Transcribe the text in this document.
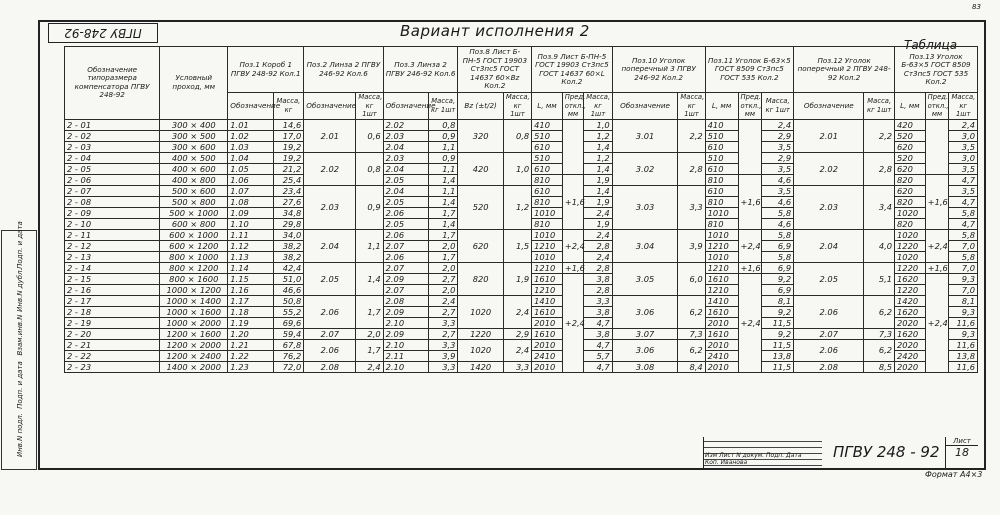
83
ПГВУ 248-92	Вариант исполнения 2
Таблица
Инв.N подл.
Подп. и дата
Взам.инв.N
Инв.N дубл.
Подп. и дата
Обозначение типоразмера компенсатора ПГВУ 248-92	Условный проход, мм	Поз.1 Короб 1 ПГВУ 248-92 Кол.1		Поз.2 Линза 2 ПГВУ 246-92 Кол.6		Поз.3 Линза 2 ПГВУ 246-92 Кол.6		Поз.8 Лист Б-ПН-5 ГОСТ 19903 Ст3пс5 ГОСТ 14637 60×Bz Кол.2		Поз.9 Лист Б-ПН-5 ГОСТ 19903 Ст3пс5 ГОСТ 14637 60×L Кол.2			Поз.10 Уголок поперечный 3 ПГВУ 246-92 Кол.2		Поз.11 Уголок Б-63×5 ГОСТ 8509 Ст3пс5 ГОСТ 535 Кол.2			Поз.12 Уголок поперечный 2 ПГВУ 248-92 Кол.2		Поз.13 Уголок Б-63×5 ГОСТ 8509 Ст3пс5 ГОСТ 535 Кол.2		
		Обозначение	Масса, кг	Обозначение	Масса, кг 1шт	Обозначение	Масса, кг 1шт	Bz (±t/2)	Масса, кг 1шт	L, мм	Пред. откл., мм	Масса, кг 1шт	Обозначение	Масса, кг 1шт	L, мм	Пред. откл., мм	Масса, кг 1шт	Обозначение	Масса, кг 1шт	L, мм	Пред. откл., мм	Масса, кг 1шт
2 - 01	300 × 400	1.01	14,6	2.01	0,6	2.02	0,8	320	0,8	410		1,0	3.01	2,2	410		2,4	2.01	2,2	420		2,4
2 - 02	300 × 500	1.02	17,0			2.03	0,9			510		1,2			510		2,9			520		3,0
2 - 03	300 × 600	1.03	19,2			2.04	1,1			610		1,4			610		3,5			620		3,5
2 - 04	400 × 500	1.04	19,2	2.02	0,8	2.03	0,9	420	1,0	510		1,2	3.02	2,8	510		2,9	2.02	2,8	520		3,0
2 - 05	400 × 600	1.05	21,2			2.04	1,1			610		1,4			610		3,5			620		3,5
2 - 06	400 × 800	1.06	25,4			2.05	1,4			810	+1,6	1,9			810	+1,6	4,6			820	+1,6	4,7
2 - 07	500 × 600	1.07	23,4	2.03	0,9	2.04	1,1	520	1,2	610		1,4	3.03	3,3	610		3,5	2.03	3,4	620		3,5
2 - 08	500 × 800	1.08	27,6			2.05	1,4			810		1,9			810		4,6			820		4,7
2 - 09	500 × 1000	1.09	34,8			2.06	1,7			1010		2,4			1010		5,8			1020		5,8
2 - 10	600 × 800	1.10	29,8			2.05	1,4			810		1,9			810		4,6			820		4,7
2 - 11	600 × 1000	1.11	34,0	2.04	1,1	2.06	1,7	620	1,5	1010	+2,4	2,4	3.04	3,9	1010	+2,4	5,8	2.04	4,0	1020	+2,4	5,8
2 - 12	600 × 1200	1.12	38,2			2.07	2,0			1210		2,8			1210		6,9			1220		7,0
2 - 13	800 × 1000	1.13	38,2			2.06	1,7			1010		2,4			1010		5,8			1020		5,8
2 - 14	800 × 1200	1.14	42,4	2.05	1,4	2.07	2,0	820	1,9	1210	+1,6	2,8	3.05	6,0	1210	+1,6	6,9	2.05	5,1	1220	+1,6	7,0
2 - 15	800 × 1600	1.15	51,0			2.09	2,7			1610	+2,4	3,8			1610	+2,4	9,2			1620	+2,4	9,3
2 - 16	1000 × 1200	1.16	46,6			2.07	2,0			1210		2,8			1210		6,9			1220		7,0
2 - 17	1000 × 1400	1.17	50,8	2.06	1,7	2.08	2,4	1020	2,4	1410		3,3	3.06	6,2	1410		8,1	2.06	6,2	1420		8,1
2 - 18	1000 × 1600	1.18	55,2			2.09	2,7			1610		3,8			1610		9,2			1620		9,3
2 - 19	1000 × 2000	1.19	69,6			2.10	3,3			2010		4,7			2010		11,5			2020		11,6
2 - 20	1200 × 1600	1.20	59,4	2.07	2,0	2.09	2,7	1220	2,9	1610		3,8	3.07	7,3	1610		9,2	2.07	7,3	1620		9,3
2 - 21	1200 × 2000	1.21	67,8	2.06	1,7	2.10	3,3	1020	2,4	2010		4,7	3.06	6,2	2010		11,5	2.06	6,2	2020		11,6
2 - 22	1200 × 2400	1.22	76,2			2.11	3,9			2410		5,7			2410		13,8			2420		13,8
2 - 23	1400 × 2000	1.23	72,0	2.08	2,4	2.10	3,3	1420	3,3	2010		4,7	3.08	8,4	2010		11,5	2.08	8,5	2020		11,6
Изм Лист N докум. Подп. Дата
Коп. Иванова
ПГВУ 248 - 92
Лист
18
Формат А4×3
